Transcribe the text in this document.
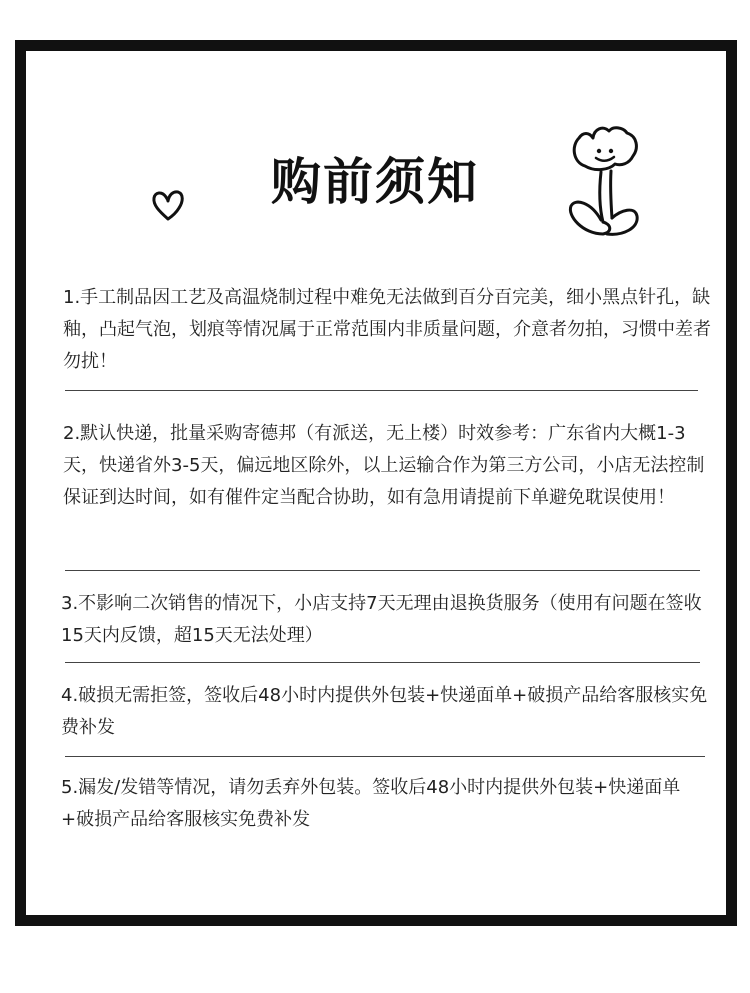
购前须知

1.手工制品因工艺及高温烧制过程中难免无法做到百分百完美，细小黑点针孔，缺釉，凸起气泡，划痕等情况属于正常范围内非质量问题，介意者勿拍，习惯中差者勿扰！

2.默认快递，批量采购寄德邦（有派送，无上楼）时效参考：广东省内大概1-3天，快递省外3-5天，偏远地区除外，以上运输合作为第三方公司，小店无法控制保证到达时间，如有催件定当配合协助，如有急用请提前下单避免耽误使用！

3.不影响二次销售的情况下，小店支持7天无理由退换货服务（使用有问题在签收15天内反馈，超15天无法处理）

4.破损无需拒签，签收后48小时内提供外包装+快递面单+破损产品给客服核实免费补发

5.漏发/发错等情况，请勿丢弃外包装。签收后48小时内提供外包装+快递面单+破损产品给客服核实免费补发
